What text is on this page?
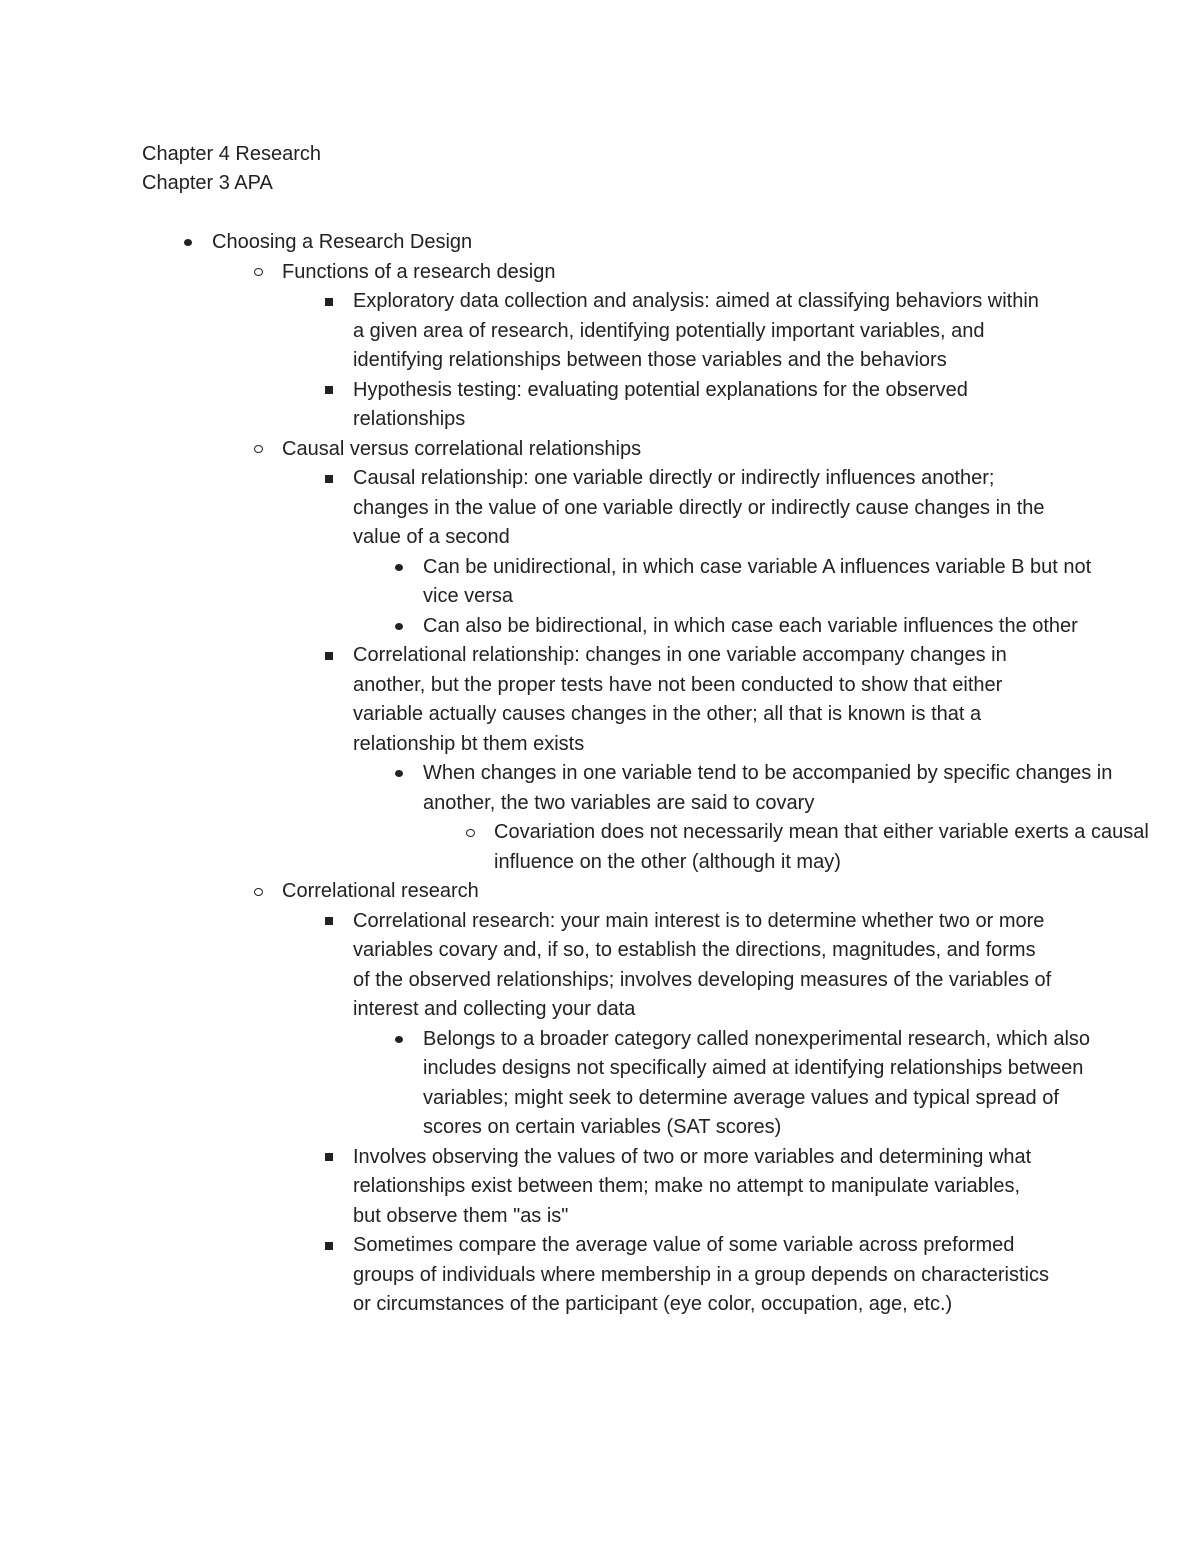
Chapter 4 Research
Chapter 3 APA
Choosing a Research Design
Functions of a research design
Exploratory data collection and analysis: aimed at classifying behaviors within a given area of research, identifying potentially important variables, and identifying relationships between those variables and the behaviors
Hypothesis testing: evaluating potential explanations for the observed relationships
Causal versus correlational relationships
Causal relationship: one variable directly or indirectly influences another; changes in the value of one variable directly or indirectly cause changes in the value of a second
Can be unidirectional, in which case variable A influences variable B but not vice versa
Can also be bidirectional, in which case each variable influences the other
Correlational relationship: changes in one variable accompany changes in another, but the proper tests have not been conducted to show that either variable actually causes changes in the other; all that is known is that a relationship bt them exists
When changes in one variable tend to be accompanied by specific changes in another, the two variables are said to covary
Covariation does not necessarily mean that either variable exerts a causal influence on the other (although it may)
Correlational research
Correlational research: your main interest is to determine whether two or more variables covary and, if so, to establish the directions, magnitudes, and forms of the observed relationships; involves developing measures of the variables of interest and collecting your data
Belongs to a broader category called nonexperimental research, which also includes designs not specifically aimed at identifying relationships between variables; might seek to determine average values and typical spread of scores on certain variables (SAT scores)
Involves observing the values of two or more variables and determining what relationships exist between them; make no attempt to manipulate variables, but observe them "as is"
Sometimes compare the average value of some variable across preformed groups of individuals where membership in a group depends on characteristics or circumstances of the participant (eye color, occupation, age, etc.)
